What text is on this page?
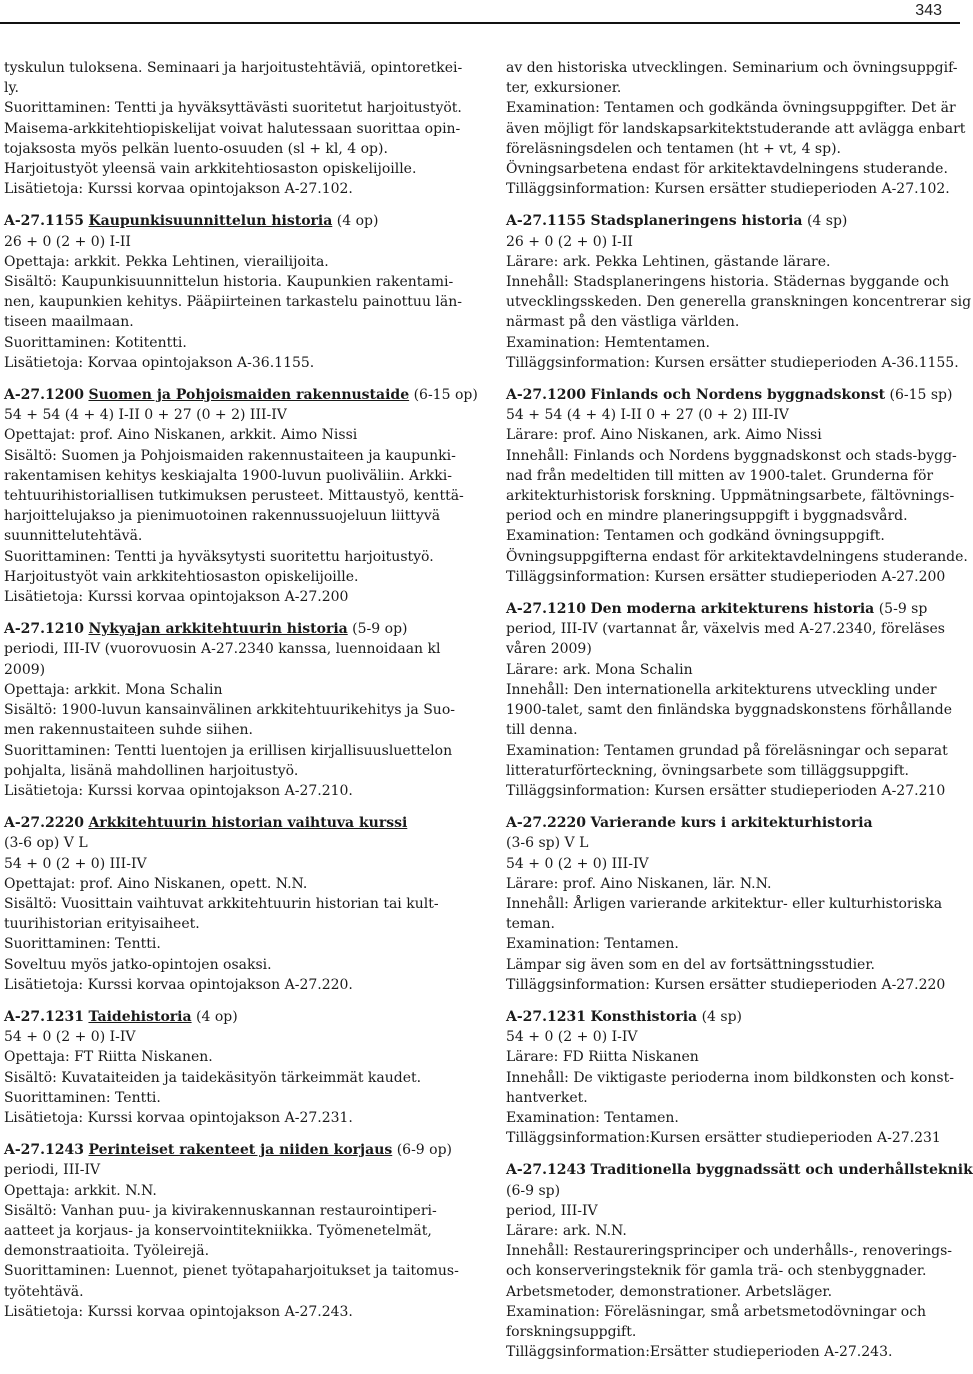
343
tyskulun tuloksena. Seminaari ja harjoitustehtäviä, opintoretkei-
ly.
Suorittaminen: Tentti ja hyväksyttävästi suoritetut harjoitustyöt.
Maisema-arkkitehtiopiskelijat voivat halutessaan suorittaa opin-
tojaksosta myös pelkän luento-osuuden (sl + kl, 4 op).
Harjoitustyöt yleensä vain arkkitehtiosaston opiskelijoille.
Lisätietoja: Kurssi korvaa opintojakson A-27.102.
A-27.1155 Kaupunkisuunnittelun historia (4 op)
26 + 0 (2 + 0) I-II
Opettaja: arkkit. Pekka Lehtinen, vierailijoita.
Sisältö: Kaupunkisuunnittelun historia. Kaupunkien rakentami-
nen, kaupunkien kehitys. Pääpiirteinen tarkastelu painottuu län-
tiseen maailmaan.
Suorittaminen: Kotitentti.
Lisätietoja: Korvaa opintojakson A-36.1155.
A-27.1200 Suomen ja Pohjoismaiden rakennustaide (6-15 op)
54 + 54 (4 + 4) I-II 0 + 27 (0 + 2) III-IV
Opettajat: prof. Aino Niskanen, arkkit. Aimo Nissi
Sisältö: Suomen ja Pohjoismaiden rakennustaiteen ja kaupunki-
rakentamisen kehitys keskiajalta 1900-luvun puoliväliin. Arkki-
tehtuurihistoriallisen tutkimuksen perusteet. Mittaustyö, kenttä-
harjoittelujakso ja pienimuotoinen rakennussuojeluun liittyvä
suunnittelutehtävä.
Suorittaminen: Tentti ja hyväksytysti suoritettu harjoitustyö.
Harjoitustyöt vain arkkitehtiosaston opiskelijoille.
Lisätietoja: Kurssi korvaa opintojakson A-27.200
A-27.1210 Nykyajan arkkitehtuurin historia (5-9 op)
periodi, III-IV (vuorovuosin A-27.2340 kanssa, luennoidaan kl
2009)
Opettaja: arkkit. Mona Schalin
Sisältö: 1900-luvun kansainvälinen arkkitehtuurikehitys ja Suo-
men rakennustaiteen suhde siihen.
Suorittaminen: Tentti luentojen ja erillisen kirjallisuusluettelon
pohjalta, lisänä mahdollinen harjoitustyö.
Lisätietoja: Kurssi korvaa opintojakson A-27.210.
A-27.2220 Arkkitehtuurin historian vaihtuva kurssi
(3-6 op) V L
54 + 0 (2 + 0) III-IV
Opettajat: prof. Aino Niskanen, opett. N.N.
Sisältö: Vuosittain vaihtuvat arkkitehtuurin historian tai kult-
tuurihistorian erityisaiheet.
Suorittaminen: Tentti.
Soveltuu myös jatko-opintojen osaksi.
Lisätietoja: Kurssi korvaa opintojakson A-27.220.
A-27.1231 Taidehistoria (4 op)
54 + 0 (2 + 0) I-IV
Opettaja: FT Riitta Niskanen.
Sisältö: Kuvataiteiden ja taidekäsityön tärkeimmät kaudet.
Suorittaminen: Tentti.
Lisätietoja: Kurssi korvaa opintojakson A-27.231.
A-27.1243 Perinteiset rakenteet ja niiden korjaus (6-9 op)
periodi, III-IV
Opettaja: arkkit. N.N.
Sisältö: Vanhan puu- ja kivirakennuskannan restaurointiperi-
aatteet ja korjaus- ja konservointitekniikka. Työmenetelmät,
demonstraatioita. Työleirejä.
Suorittaminen: Luennot, pienet työtapaharjoitukset ja taitomus-
työtehtävä.
Lisätietoja: Kurssi korvaa opintojakson A-27.243.
av den historiska utvecklingen. Seminarium och övningsuppgif-
ter, exkursioner.
Examination: Tentamen och godkända övningsuppgifter. Det är
även möjligt för landskapsarkitektstuderande att avlägga enbart
föreläsningsdelen och tentamen (ht + vt, 4 sp).
Övningsarbetena endast för arkitektavdelningens studerande.
Tilläggsinformation: Kursen ersätter studieperioden A-27.102.
A-27.1155 Stadsplaneringens historia (4 sp)
26 + 0 (2 + 0) I-II
Lärare: ark. Pekka Lehtinen, gästande lärare.
Innehåll: Stadsplaneringens historia. Städernas byggande och
utvecklingsskeden. Den generella granskningen koncentrerar sig
närmast på den västliga världen.
Examination: Hemtentamen.
Tilläggsinformation: Kursen ersätter studieperioden A-36.1155.
A-27.1200 Finlands och Nordens byggnadskonst (6-15 sp)
54 + 54 (4 + 4) I-II 0 + 27 (0 + 2) III-IV
Lärare: prof. Aino Niskanen, ark. Aimo Nissi
Innehåll: Finlands och Nordens byggnadskonst och stads-bygg-
nad från medeltiden till mitten av 1900-talet. Grunderna för
arkitekturhistorisk forskning. Uppmätningsarbete, fältövnings-
period och en mindre planeringsuppgift i byggnadsvård.
Examination: Tentamen och godkänd övningsuppgift.
Övningsuppgifterna endast för arkitektavdelningens studerande.
Tilläggsinformation: Kursen ersätter studieperioden A-27.200
A-27.1210 Den moderna arkitekturens historia (5-9 sp
period, III-IV (vartannat år, växelvis med A-27.2340, föreläses
våren 2009)
Lärare: ark. Mona Schalin
Innehåll: Den internationella arkitekturens utveckling under
1900-talet, samt den finländska byggnadskonstens förhållande
till denna.
Examination: Tentamen grundad på föreläsningar och separat
litteraturförteckning, övningsarbete som tilläggsuppgift.
Tilläggsinformation: Kursen ersätter studieperioden A-27.210
A-27.2220 Varierande kurs i arkitekturhistoria
(3-6 sp) V L
54 + 0 (2 + 0) III-IV
Lärare: prof. Aino Niskanen, lär. N.N.
Innehåll: Årligen varierande arkitektur- eller kulturhistoriska
teman.
Examination: Tentamen.
Lämpar sig även som en del av fortsättningsstudier.
Tilläggsinformation: Kursen ersätter studieperioden A-27.220
A-27.1231 Konsthistoria (4 sp)
54 + 0 (2 + 0) I-IV
Lärare: FD Riitta Niskanen
Innehåll: De viktigaste perioderna inom bildkonsten och konst-
hantverket.
Examination: Tentamen.
Tilläggsinformation:Kursen ersätter studieperioden A-27.231
A-27.1243 Traditionella byggnadssätt och underhållsteknik
(6-9 sp)
period, III-IV
Lärare: ark. N.N.
Innehåll: Restaureringsprinciper och underhålls-, renoverings-
och konserveringsteknik för gamla trä- och stenbyggnader.
Arbetsmetoder, demonstrationer. Arbetsläger.
Examination: Föreläsningar, små arbetsmetodövningar och
forskningsuppgift.
Tilläggsinformation:Ersätter studieperioden A-27.243.
